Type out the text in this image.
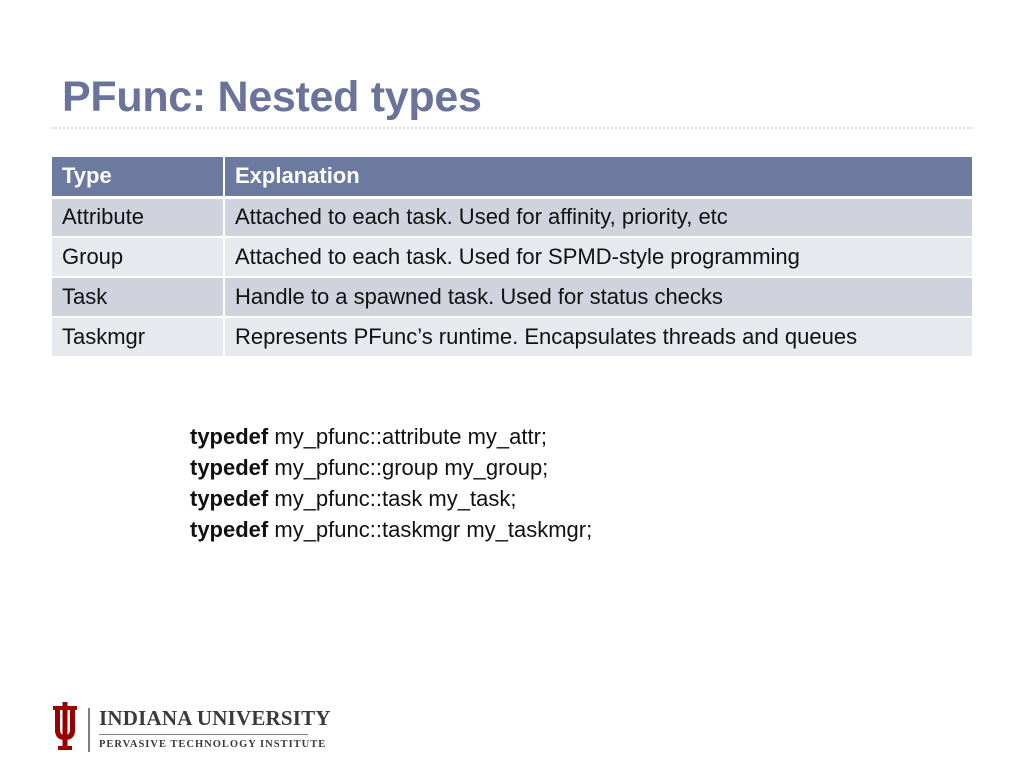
PFunc: Nested types
Type	Explanation
Attribute	Attached to each task. Used for affinity, priority, etc
Group	Attached to each task. Used for SPMD-style programming
Task	Handle to a spawned task. Used for status checks
Taskmgr	Represents PFunc’s runtime. Encapsulates threads and queues
typedef my_pfunc::attribute my_attr;
typedef my_pfunc::group my_group;
typedef my_pfunc::task my_task;
typedef my_pfunc::taskmgr my_taskmgr;
INDIANA UNIVERSITY
PERVASIVE TECHNOLOGY INSTITUTE
